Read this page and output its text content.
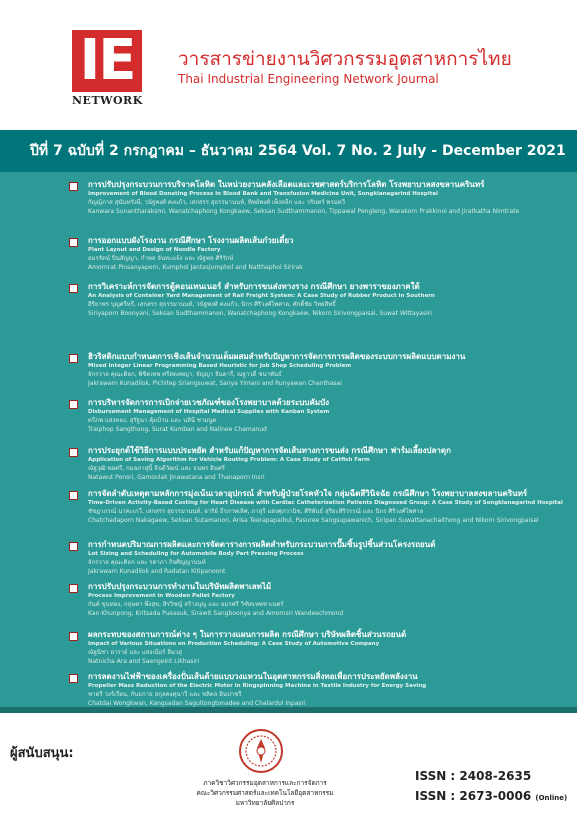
IE
NETWORK
วารสารข่ายงานวิศวกรรมอุตสาหการไทย
Thai Industrial Engineering Network Journal
ปีที่ 7 ฉบับที่ 2 กรกฎาคม – ธันวาคม 2564 Vol. 7 No. 2 July - December 2021
การปรับปรุงกระบวนการบริจาคโลหิต ในหน่วยงานคลังเลือดและเวชศาสตร์บริการโลหิต โรงพยาบาลสงขลานครินทร์
Improvement of Blood Donating Process in Blood Bank and Transfusion Medicine Unit, Songklanagarind Hospital
กัญญ์ภาส สุนันทรังษี, วนัฐพงศ์ คงแก้ว, เสกสรร สุธรรมานนท์, ทิพย์พงศ์ เพ็งหลีก และ วรินทร์ พรมทวี
Kanwara Sunantharaksmi, Wanatchaphong Kongkaew, Seksan Sudthammanon, Tippawal Pengleng, Warakorn Prakkinoi and Jiratkatha Nimtrate
การออกแบบผังโรงงาน กรณีศึกษา โรงงานผลิตเส้นก๋วยเตี๋ยว
Plant Layout and Design of Noodle Factory
อมรรัตน์ ปิ่นสัญญา, กำพล จันทะแจ้ง และ ณัฐพล ศิริรักษ์
Amornrat Pinsanyaporn, Kumphol Jantasjumphol and Natthaphol Sirirak
การวิเคราะห์การจัดการตู้คอนเทนเนอร์ สำหรับการขนส่งทางราง กรณีศึกษา ยางพาราของภาคใต้
An Analysis of Container Yard Management of Rail Freight System: A Case Study of Rubber Product in Southern
สิริยาพร บุญศรีหรี, เสกสรร สุธรรมานนท์, วนัฐพงศ์ คงแก้ว, นิกร ศิริวงศ์ไพศาล, ศักดิ์ชัย วิทยสิทธิ์
Siriyaporn Boonyani, Seksan Sudthammanon, Wanatchaphong Kongkaew, Nikorn Sirivongpaisal, Suwat Wittayasiri
ฮิวริสติกแบบกำหนดการเชิงเส้นจำนวนเต็มผสมสำหรับปัญหาการจัดการการผลิตของระบบการผลิตแบบตามงาน
Mixed Integer Linear Programming Based Heuristic for Job Shop Scheduling Problem
จักรวาล คุณะดิลก, พิชิตเทพ ศรีสตงพญา, จัญญา จินดารี, ณฐาวดี ชนาพันธ์
Jakrawarn Kunadilok, Pichitep Sriangsuwat, Sanya Yimani and Runyawan Chanthasai
การบริหารจัดการการเบิกจ่ายเวชภัณฑ์ของโรงพยาบาลด้วยระบบคัมบัง
Disbursement Management of Hospital Medical Supplies with Kanban System
ตรีภพ แสงทอง, สุรัฐนา คุ้มบ้าน และ นลินี ชามนูด
Traiphop Sangthong, Surat Kumban and Nalinee Chamanud
การประยุกต์ใช้วิธีการแบบประหยัด สำหรับแก้ปัญหาการจัดเส้นทางการขนส่ง กรณีศึกษา ฟาร์มเลี้ยงปลาดุก
Application of Saving Algorithm for Vehicle Routing Problem: A Case Study of Catfish Farm
ณัฐวุฒิ พลศรี, กมลภาสุนิ์ จินดีวัฒน์ และ ธนพร อินศรี
Natawut Ponsri, Gamonlak Jinawatana and Thanaporn Insri
การจัดลำดับเหตุตามหลักการมุ่งเน้นเวลาอุปกรณ์ สำหรับผู้ป่วยโรคหัวใจ กลุ่มฉีดสีวินิจฉัย กรณีศึกษา โรงพยาบาลสงขลานครินทร์
Time-Driven Activity-Based Costing for Heart Disease with Cardiac Catheterization Patients Diagnosed Group: A Case Study of Songklanagarind Hospital
ชัชฎาภรณ์ นาคะเกวี, เสกสรร สุธรรมานนท์, อาริย์ ธีรภาพเลิศ, ภาสุรี แสงศุภวานิช, ศิริพันธ์ สุริยะสิริวรรณ์ และ นิกร ศิริวงศ์ไพศาล
Chatchadaporn Nakagaew, Seksan Sutamanon, Arisa Teerapapaibul, Pasuree Sangsupawanich, Siripan Suwattanachaithong and Nikorn Sirivongpaisal
การกำหนดปริมาณการผลิตและการจัดตารางการผลิตสำหรับกระบวนการปั๊มชิ้นรูปชิ้นส่วนโครงรถยนต์
Lot Sizing and Scheduling for Automobile Body Part Pressing Process
จักรวาล คุณะดิลก และ รดาภา กิจศิญญานนท์
Jakrawarn Kunadilok and Radatan Kitipanoont
การปรับปรุงกระบวนการทำงานในบริษัทผลิตพาเลทไม้
Process Improvement in Wooden Pallet Factory
กันต์ ขุนทอง, กฤษดา พึ่งสุข, สิรวิชญ์ สร้างบุญ และ อมรศรี วิฑิตเทพชาเนตร์
Kan Khunpong, Kritsada Pueasuk, Sirawit Sangboonya and Amornsri Wandeechmond
ผลกระทบของสถานการณ์ต่าง ๆ ในการวางแผนการผลิต กรณีศึกษา บริษัทผลิตชิ้นส่วนรถยนต์
Impact of Various Situations on Production Scheduling: A Case Study of Automotive Company
ณัฐนิชา อาราย์ และ แสงเนียร์ ลิ่มวสุ
Natnicha Ara and Saengeint Likhasiri
การลดงานไฟฟ้าของเครื่องปั่นเส้นด้ายแบบวงแหวนในอุตสาหกรรมสิ่งทอเพื่อการประหยัดพลังงาน
Propeller Mass Reduction of the Electric Motor in Ringspinning Machine in Textile Industry for Energy Saving
ชาตรี วงร์เรียน, กันธกาธ สกุลคงคุนาวี และ ชลิดล อินปาชรี
Chatdai Wongkwan, Kangsadan Sagultongtonadee and Chalardol Inpasri
ผู้สนับสนุน:
ภาควิชาวิศวกรรมอุตสาหการและการจัดการ
คณะวิศวกรรมศาสตร์และเทคโนโลยีอุตสาหกรรม
มหาวิทยาลัยศิลปากร
ISSN : 2408-2635
ISSN : 2673-0006 (Online)
